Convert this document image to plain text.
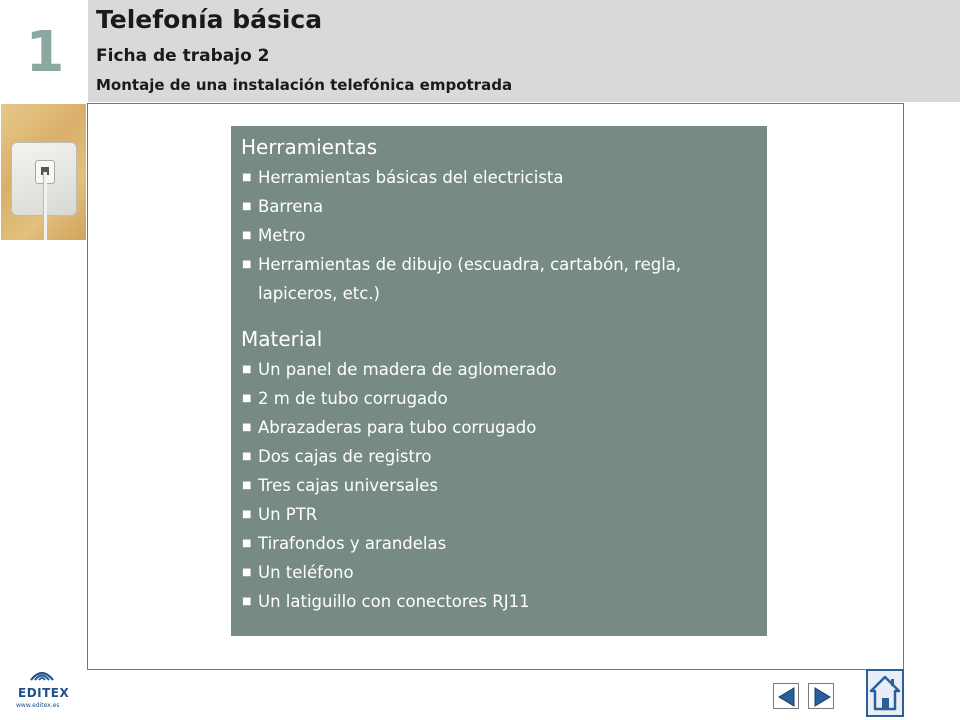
1
Telefonía básica
Ficha de trabajo 2
Montaje de una instalación telefónica empotrada
Herramientas
■ Herramientas básicas del electricista
■ Barrena
■ Metro
■ Herramientas de dibujo (escuadra, cartabón, regla, lapiceros, etc.)
Material
■ Un panel de madera de aglomerado
■ 2 m de tubo corrugado
■ Abrazaderas para tubo corrugado
■ Dos cajas de registro
■ Tres cajas universales
■ Un PTR
■ Tirafondos y arandelas
■ Un teléfono
■ Un latiguillo con conectores RJ11
EDITEX
www.editex.es
